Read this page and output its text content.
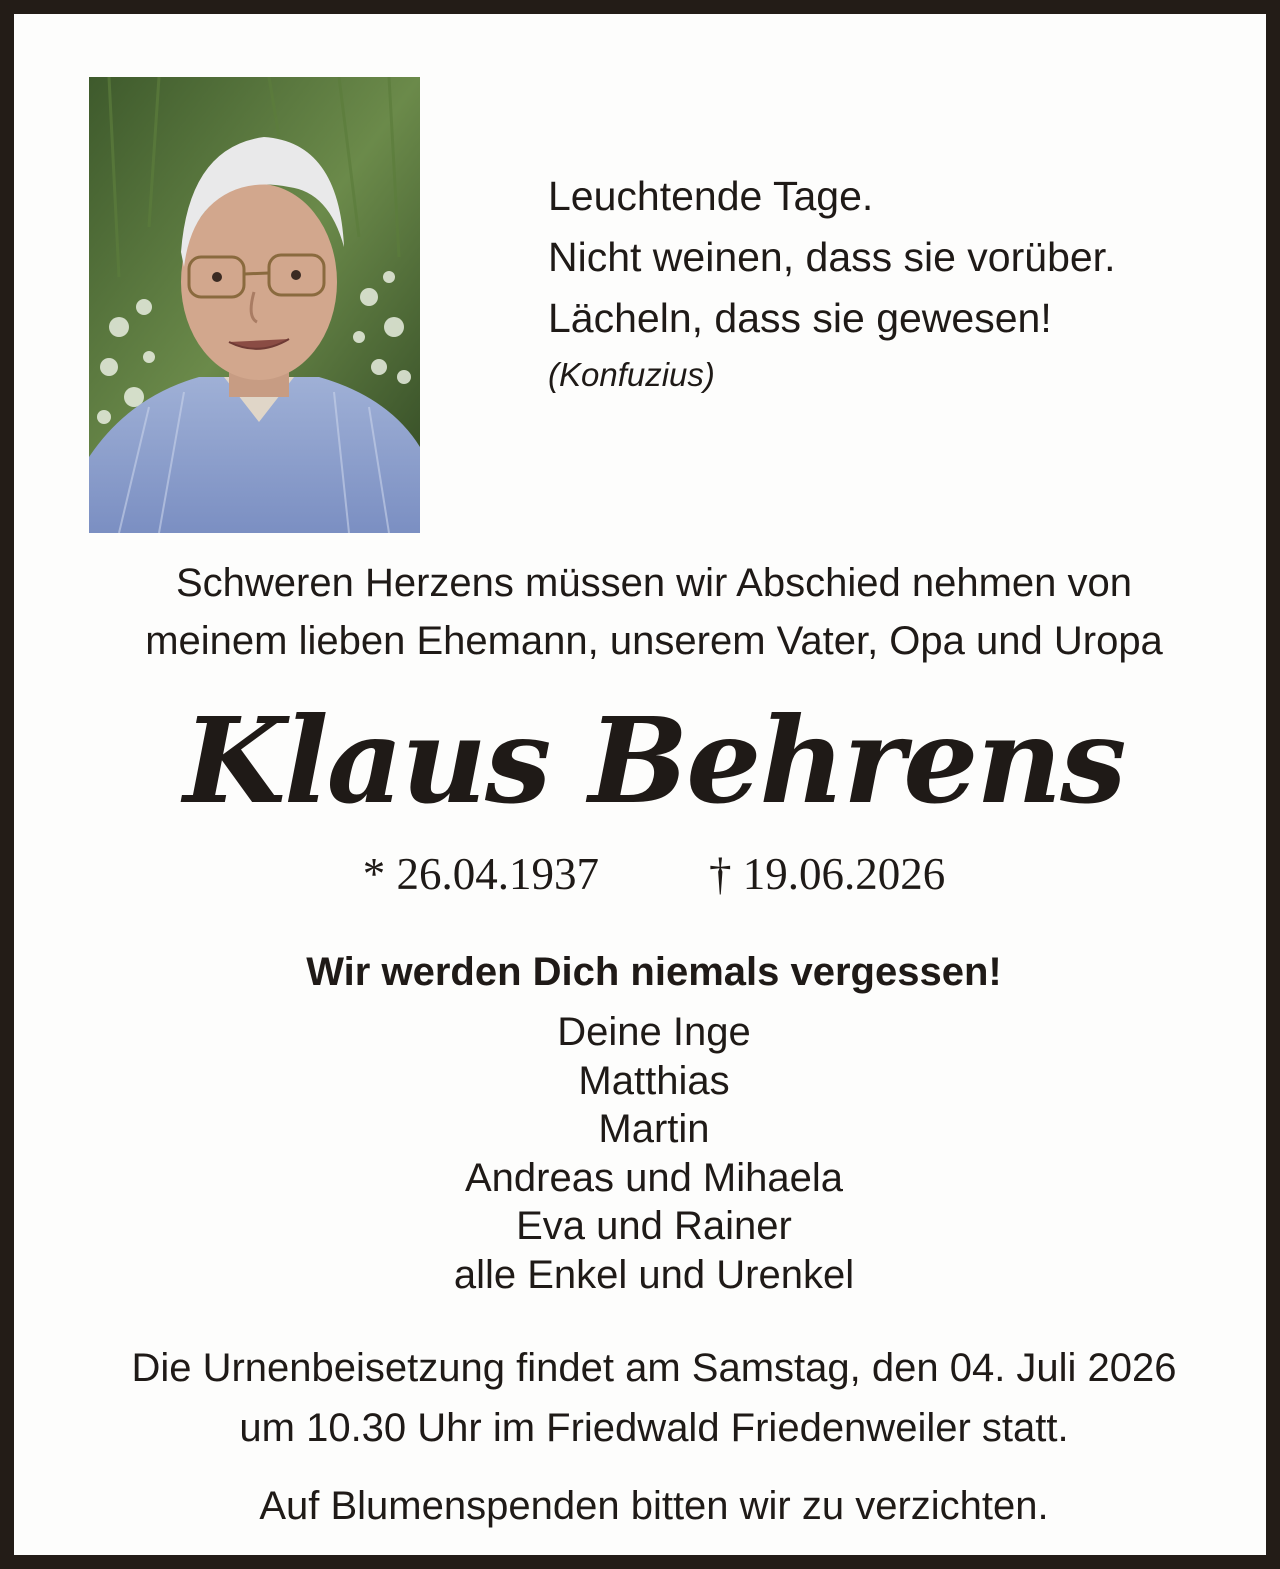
Leuchtende Tage.
Nicht weinen, dass sie vorüber.
Lächeln, dass sie gewesen!
(Konfuzius)
Schweren Herzens müssen wir Abschied nehmen von
meinem lieben Ehemann, unserem Vater, Opa und Uropa
Klaus Behrens
* 26.04.1937 † 19.06.2026
Wir werden Dich niemals vergessen!
Deine Inge
Matthias
Martin
Andreas und Mihaela
Eva und Rainer
alle Enkel und Urenkel
Die Urnenbeisetzung findet am Samstag, den 04. Juli 2026
um 10.30 Uhr im Friedwald Friedenweiler statt.
Auf Blumenspenden bitten wir zu verzichten.
